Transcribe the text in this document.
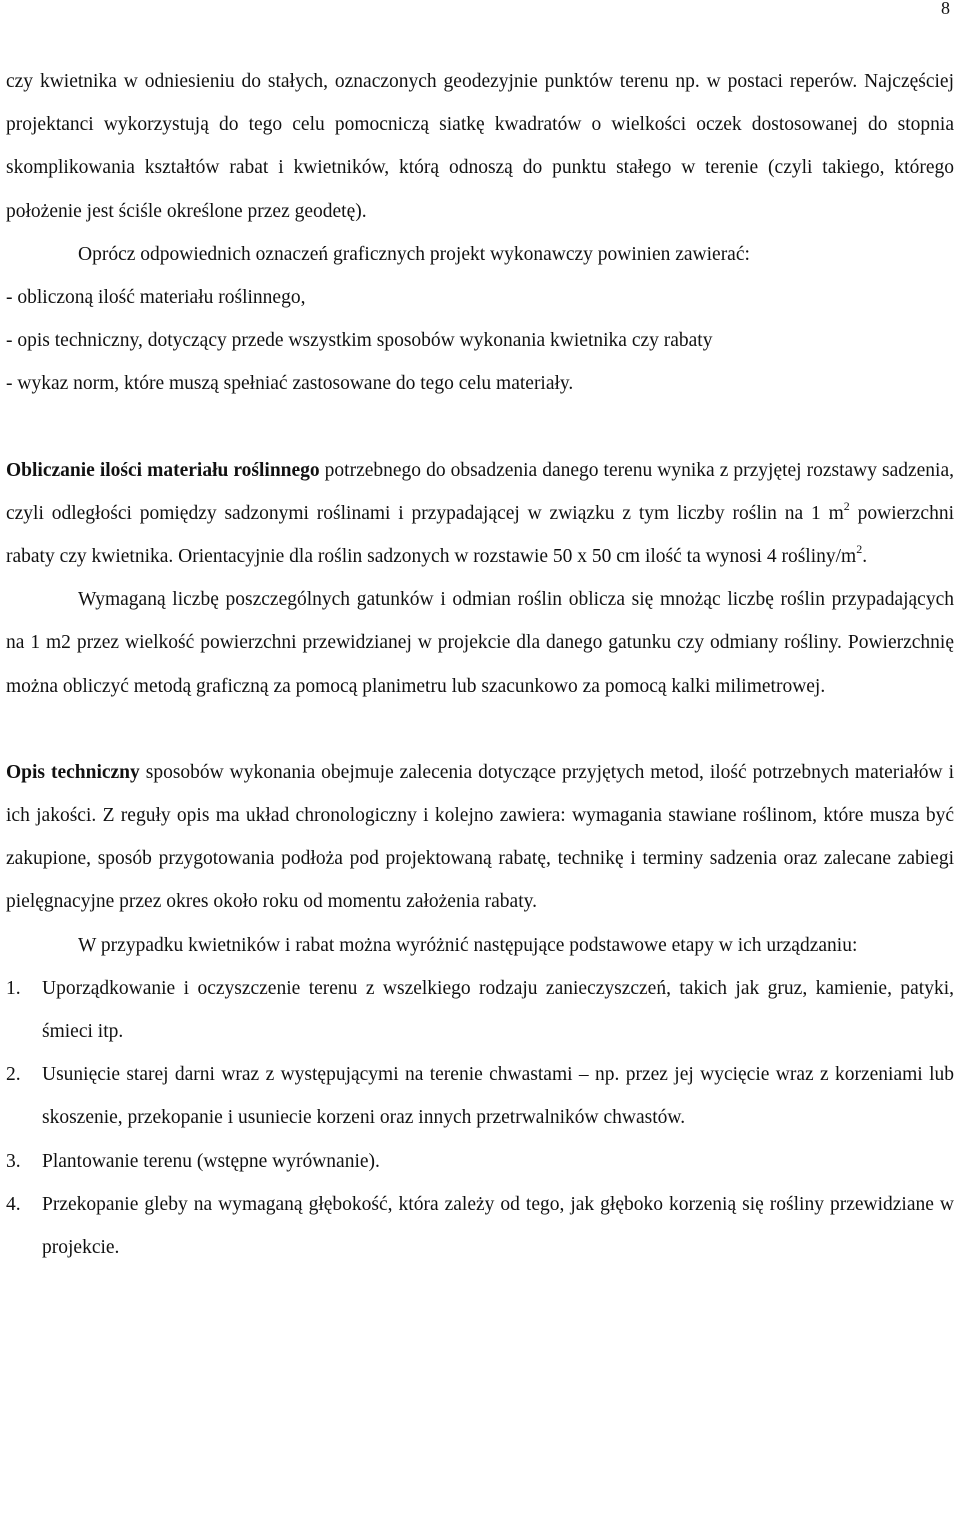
8

czy kwietnika w odniesieniu do stałych, oznaczonych geodezyjnie punktów terenu np. w postaci reperów. Najczęściej projektanci wykorzystują do tego celu pomocniczą siatkę kwadratów o wielkości oczek dostosowanej do stopnia skomplikowania kształtów rabat i kwietników, którą odnoszą do punktu stałego w terenie (czyli takiego, którego położenie jest ściśle określone przez geodetę).

Oprócz odpowiednich oznaczeń graficznych projekt wykonawczy powinien zawierać:

- obliczoną ilość materiału roślinnego,

- opis techniczny, dotyczący przede wszystkim sposobów wykonania kwietnika czy rabaty

- wykaz norm, które muszą spełniać zastosowane do tego celu materiały.

Obliczanie ilości materiału roślinnego potrzebnego do obsadzenia danego terenu wynika z przyjętej rozstawy sadzenia, czyli odległości pomiędzy sadzonymi roślinami i przypadającej w związku z tym liczby roślin na 1 $m^2$ powierzchni rabaty czy kwietnika. Orientacyjnie dla roślin sadzonych w rozstawie 50 x 50 cm ilość ta wynosi 4 rośliny/$m^2$.

Wymaganą liczbę poszczególnych gatunków i odmian roślin oblicza się mnożąc liczbę roślin przypadających na 1 m2 przez wielkość powierzchni przewidzianej w projekcie dla danego gatunku czy odmiany rośliny. Powierzchnię można obliczyć metodą graficzną za pomocą planimetru lub szacunkowo za pomocą kalki milimetrowej.

Opis techniczny sposobów wykonania obejmuje zalecenia dotyczące przyjętych metod, ilość potrzebnych materiałów i ich jakości. Z reguły opis ma układ chronologiczny i kolejno zawiera: wymagania stawiane roślinom, które musza być zakupione, sposób przygotowania podłoża pod projektowaną rabatę, technikę i terminy sadzenia oraz zalecane zabiegi pielęgnacyjne przez okres około roku od momentu założenia rabaty.

W przypadku kwietników i rabat można wyróżnić następujące podstawowe etapy w ich urządzaniu:

1. Uporządkowanie i oczyszczenie terenu z wszelkiego rodzaju zanieczyszczeń, takich jak gruz, kamienie, patyki, śmieci itp.
2. Usunięcie starej darni wraz z występującymi na terenie chwastami – np. przez jej wycięcie wraz z korzeniami lub skoszenie, przekopanie i usuniecie korzeni oraz innych przetrwalników chwastów.
3. Plantowanie terenu (wstępne wyrównanie).
4. Przekopanie gleby na wymaganą głębokość, która zależy od tego, jak głęboko korzenią się rośliny przewidziane w projekcie.
